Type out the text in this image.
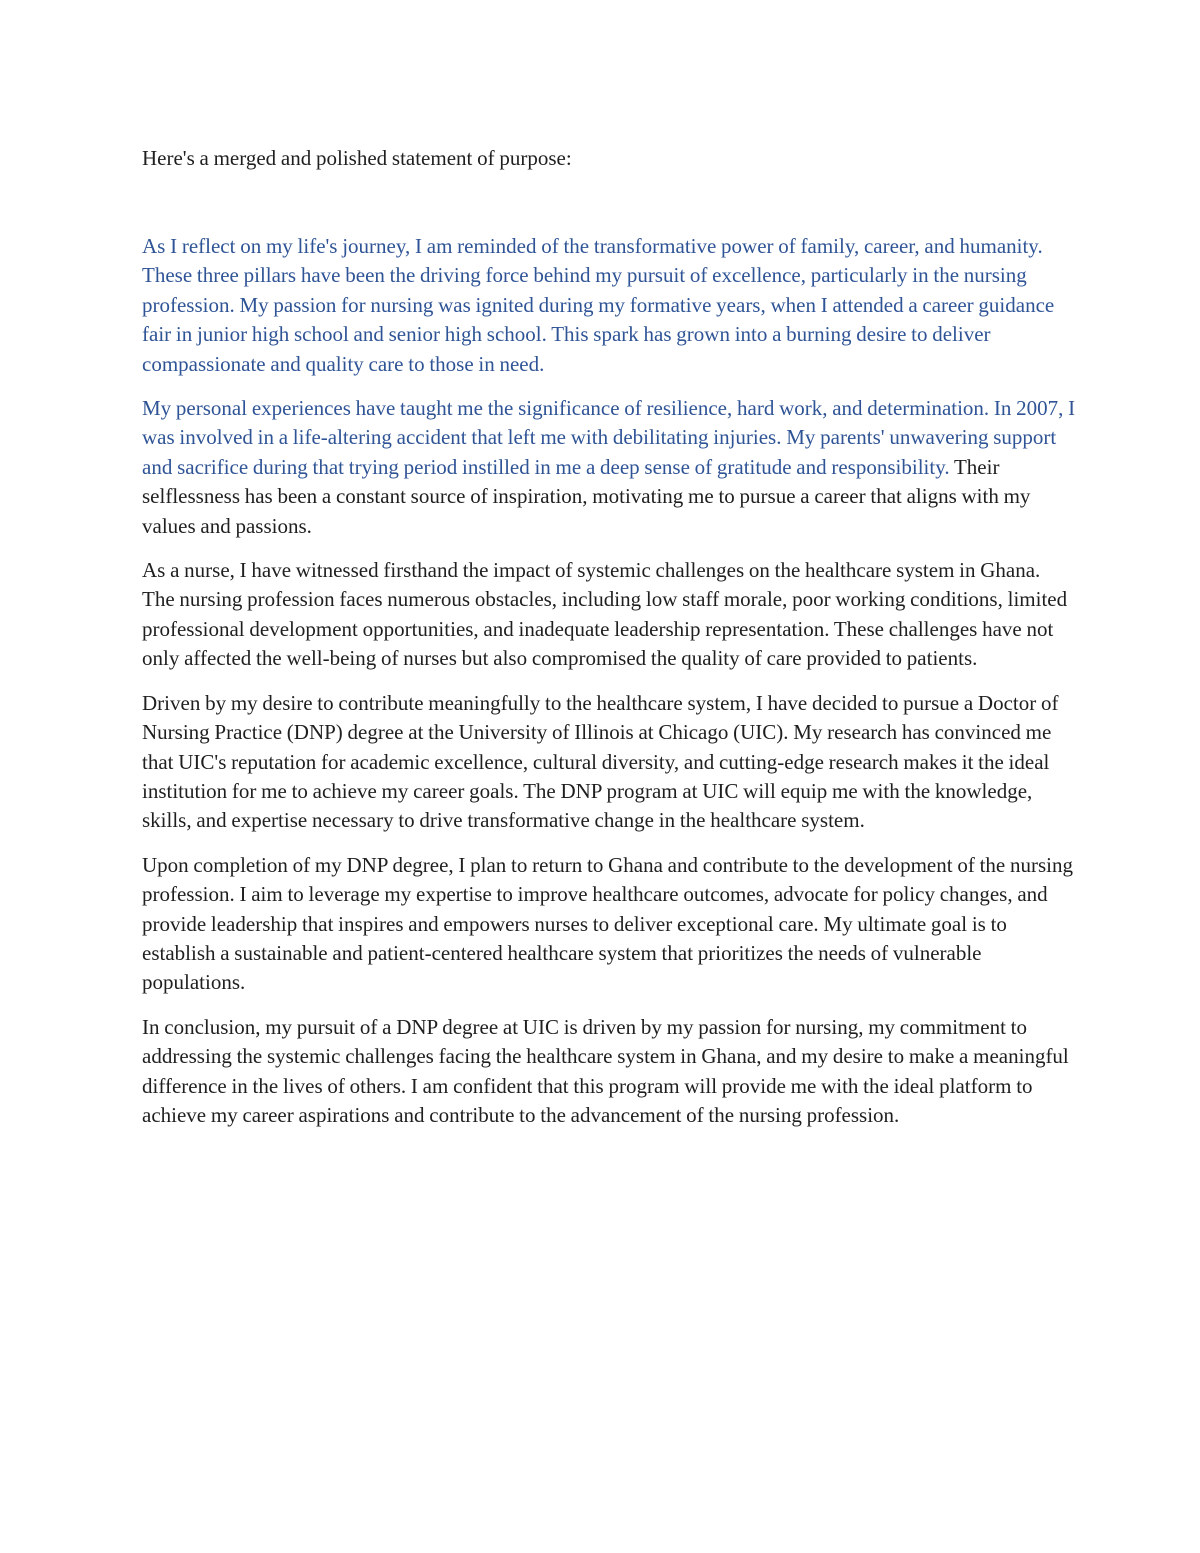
Here's a merged and polished statement of purpose:

As I reflect on my life's journey, I am reminded of the transformative power of family, career, and humanity. These three pillars have been the driving force behind my pursuit of excellence, particularly in the nursing profession. My passion for nursing was ignited during my formative years, when I attended a career guidance fair in junior high school and senior high school. This spark has grown into a burning desire to deliver compassionate and quality care to those in need.

My personal experiences have taught me the significance of resilience, hard work, and determination. In 2007, I was involved in a life-altering accident that left me with debilitating injuries. My parents' unwavering support and sacrifice during that trying period instilled in me a deep sense of gratitude and responsibility. Their selflessness has been a constant source of inspiration, motivating me to pursue a career that aligns with my values and passions.

As a nurse, I have witnessed firsthand the impact of systemic challenges on the healthcare system in Ghana. The nursing profession faces numerous obstacles, including low staff morale, poor working conditions, limited professional development opportunities, and inadequate leadership representation. These challenges have not only affected the well-being of nurses but also compromised the quality of care provided to patients.

Driven by my desire to contribute meaningfully to the healthcare system, I have decided to pursue a Doctor of Nursing Practice (DNP) degree at the University of Illinois at Chicago (UIC). My research has convinced me that UIC's reputation for academic excellence, cultural diversity, and cutting-edge research makes it the ideal institution for me to achieve my career goals. The DNP program at UIC will equip me with the knowledge, skills, and expertise necessary to drive transformative change in the healthcare system.

Upon completion of my DNP degree, I plan to return to Ghana and contribute to the development of the nursing profession. I aim to leverage my expertise to improve healthcare outcomes, advocate for policy changes, and provide leadership that inspires and empowers nurses to deliver exceptional care. My ultimate goal is to establish a sustainable and patient-centered healthcare system that prioritizes the needs of vulnerable populations.

In conclusion, my pursuit of a DNP degree at UIC is driven by my passion for nursing, my commitment to addressing the systemic challenges facing the healthcare system in Ghana, and my desire to make a meaningful difference in the lives of others. I am confident that this program will provide me with the ideal platform to achieve my career aspirations and contribute to the advancement of the nursing profession.
